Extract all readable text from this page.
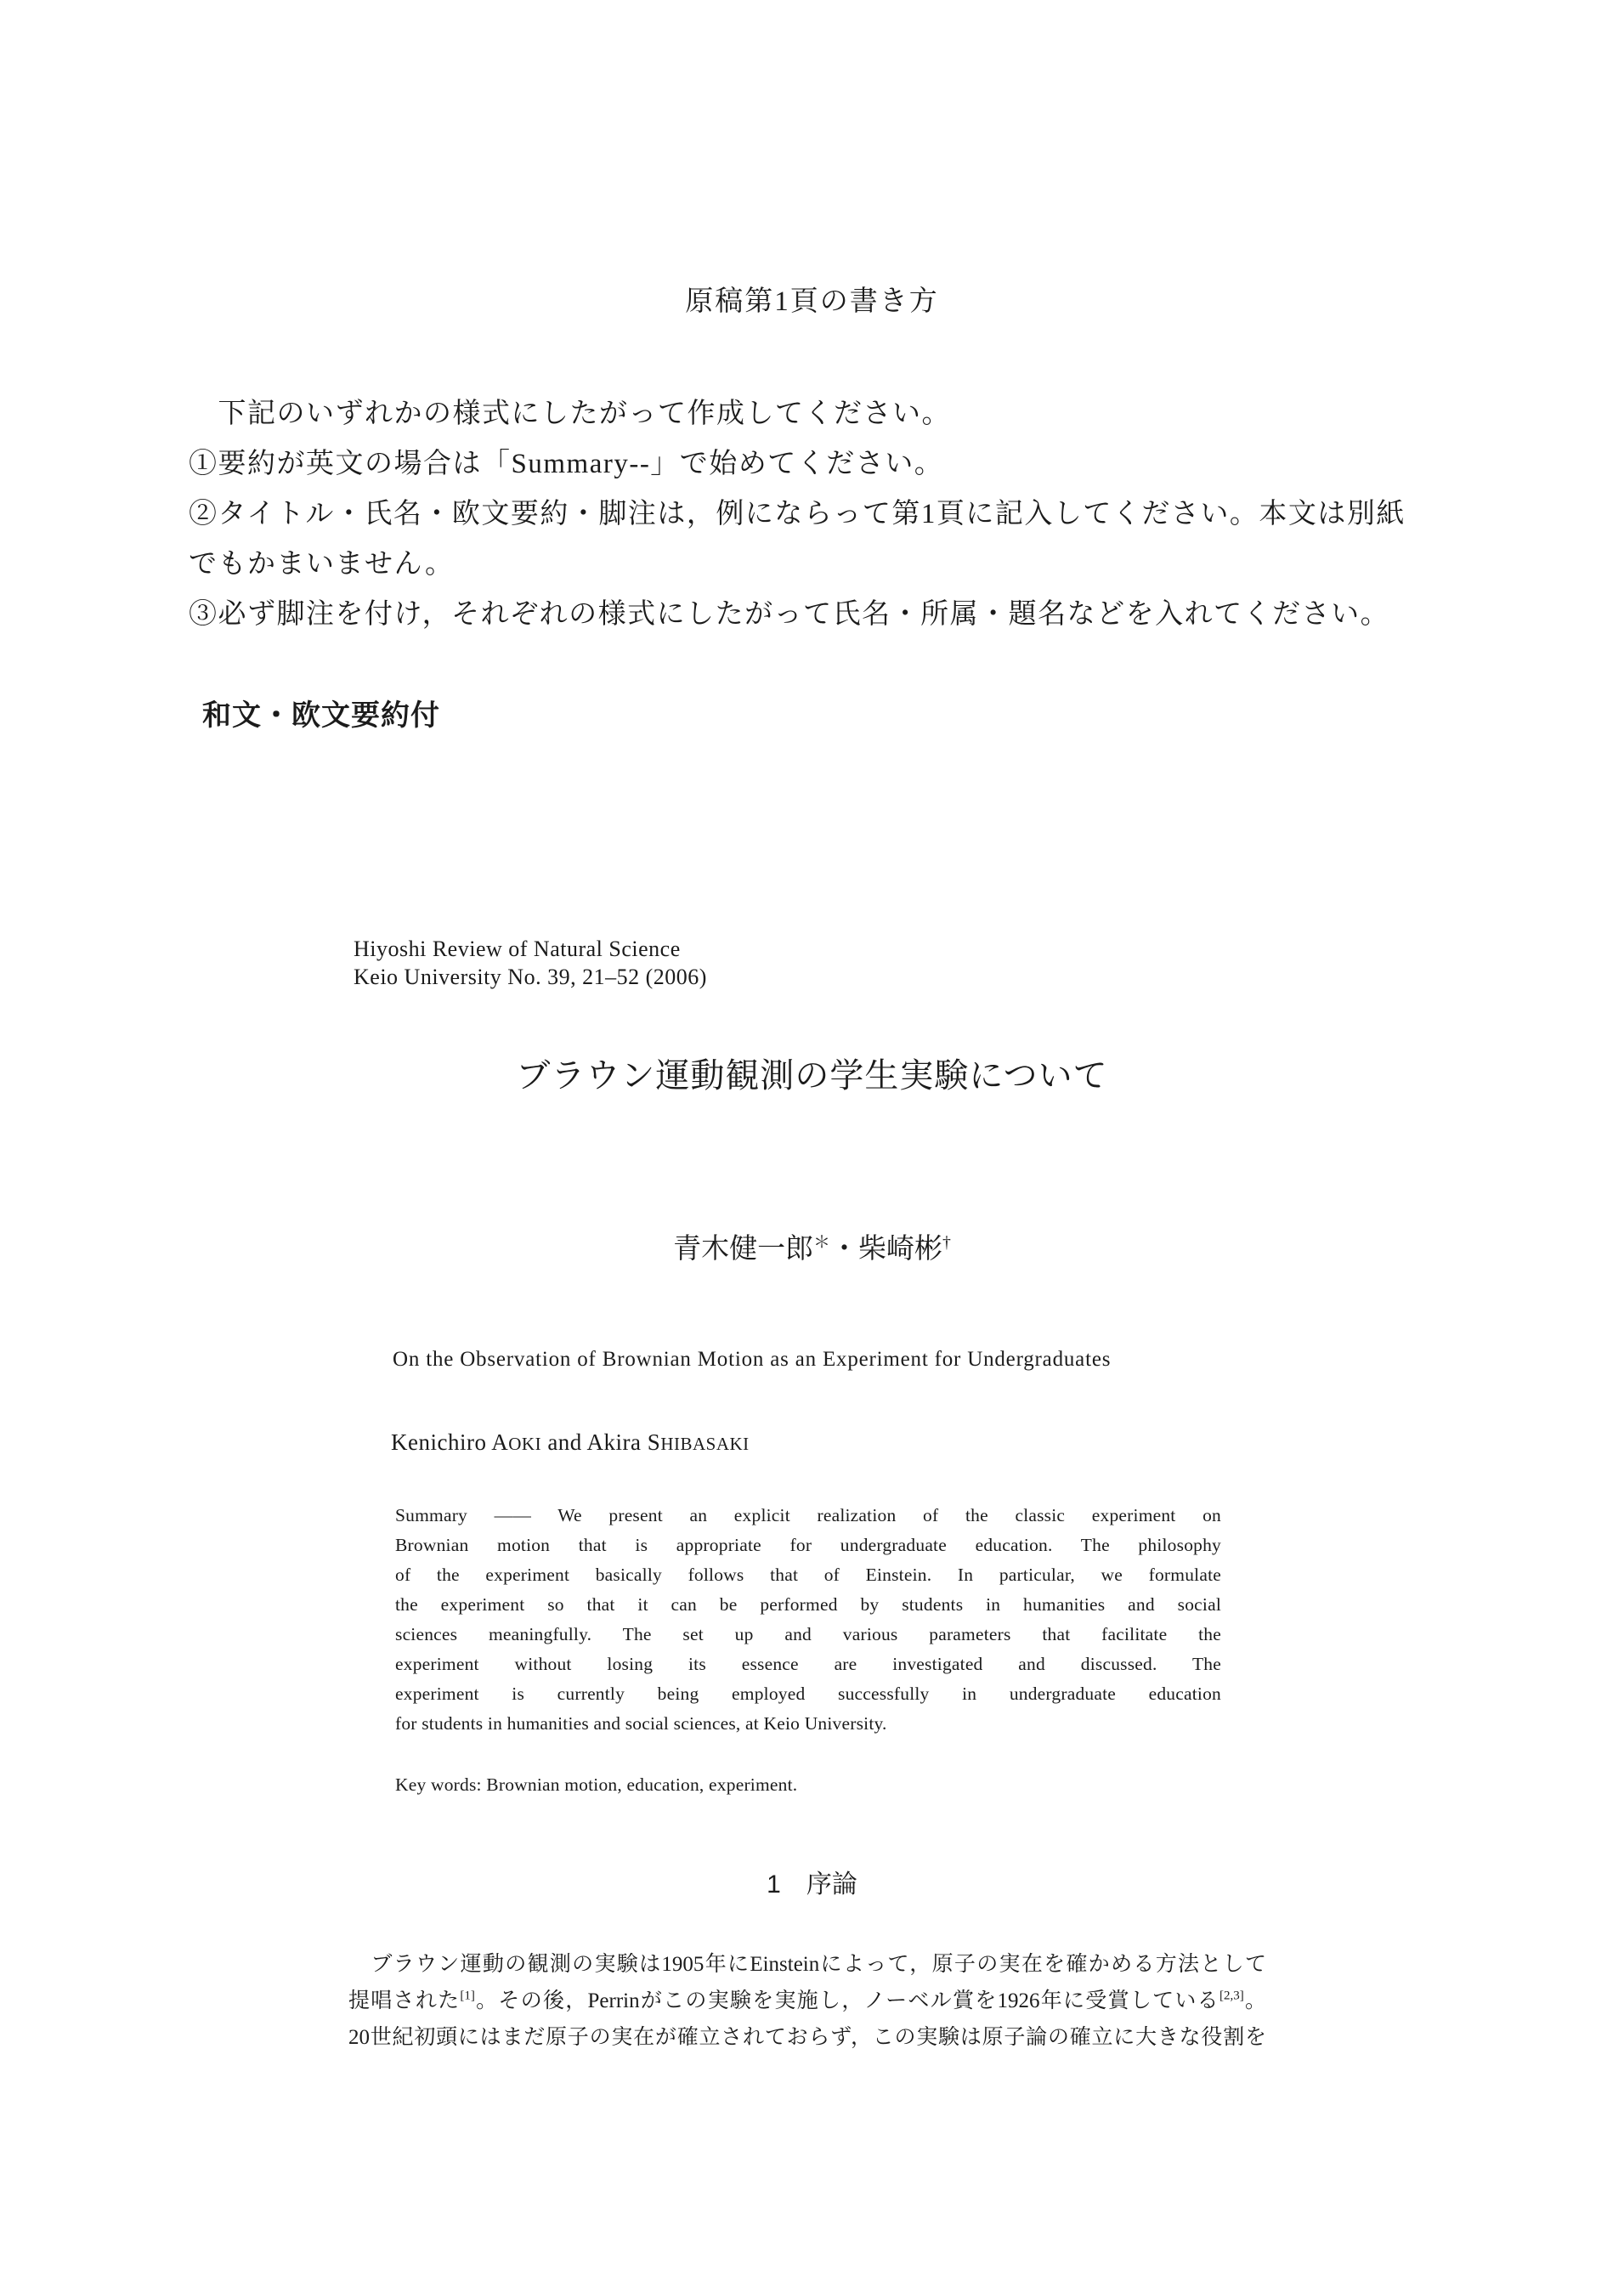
原稿第1頁の書き方
　下記のいずれかの様式にしたがって作成してください。
①要約が英文の場合は「Summary--」で始めてください。
②タイトル・氏名・欧文要約・脚注は，例にならって第1頁に記入してください。本文は別紙
でもかまいません。
③必ず脚注を付け，それぞれの様式にしたがって氏名・所属・題名などを入れてください。
和文・欧文要約付
Hiyoshi Review of Natural Science
Keio University No. 39, 21–52 (2006)
ブラウン運動観測の学生実験について
青木健一郎＊・柴崎彬†
On the Observation of Brownian Motion as an Experiment for Undergraduates
Kenichiro AOKI and Akira SHIBASAKI
Summary —— We present an explicit realization of the classic experiment on
Brownian motion that is appropriate for undergraduate education. The philosophy
of the experiment basically follows that of Einstein. In particular, we formulate
the experiment so that it can be performed by students in humanities and social
sciences meaningfully. The set up and various parameters that facilitate the
experiment without losing its essence are investigated and discussed. The
experiment is currently being employed successfully in undergraduate education
for students in humanities and social sciences, at Keio University.
Key words: Brownian motion, education, experiment.
1 序論
　ブラウン運動の観測の実験は1905年にEinsteinによって，原子の実在を確かめる方法として
提唱された[1]。その後，Perrinがこの実験を実施し，ノーベル賞を1926年に受賞している[2,3]。
20世紀初頭にはまだ原子の実在が確立されておらず，この実験は原子論の確立に大きな役割を
